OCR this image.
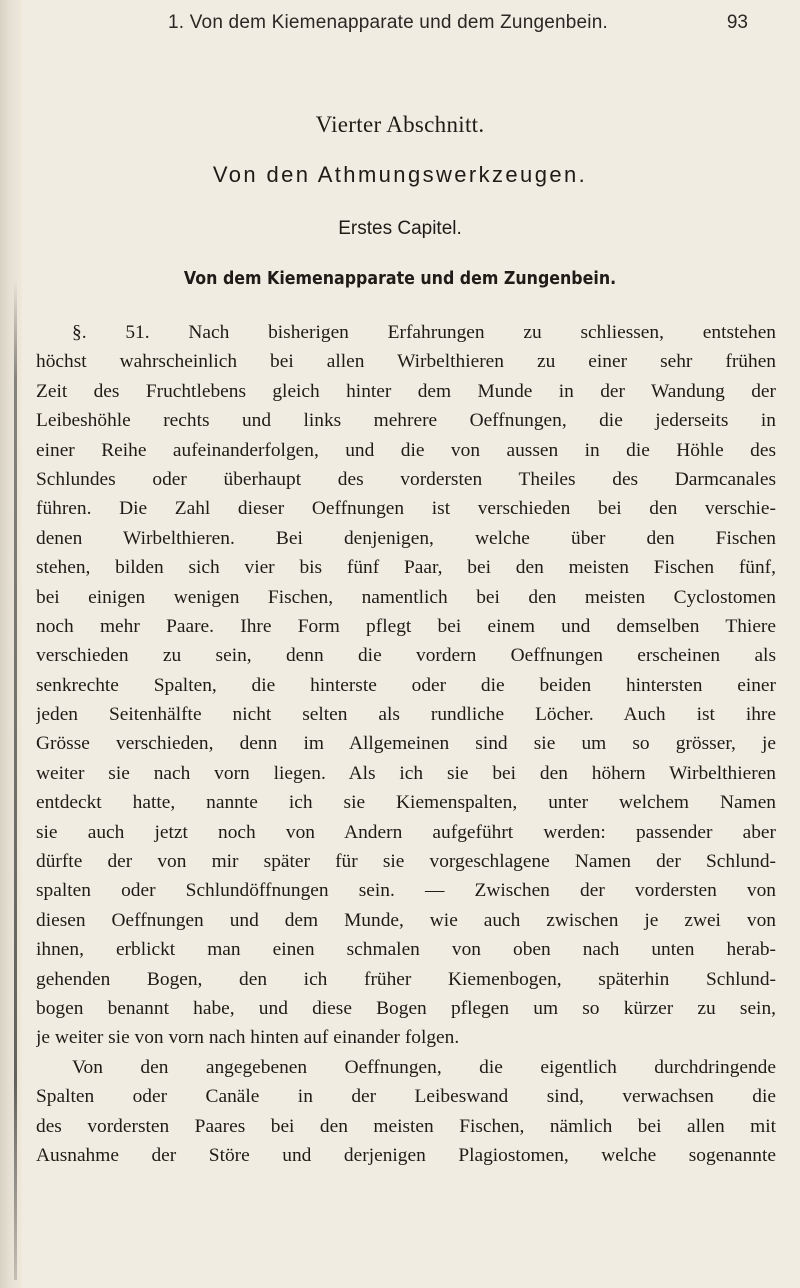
1. Von dem Kiemenapparate und dem Zungenbein.	93
Vierter Abschnitt.
Von den Athmungswerkzeugen.
Erstes Capitel.
Von dem Kiemenapparate und dem Zungenbein.
§. 51. Nach bisherigen Erfahrungen zu schliessen, entstehen
höchst wahrscheinlich bei allen Wirbelthieren zu einer sehr frühen
Zeit des Fruchtlebens gleich hinter dem Munde in der Wandung der
Leibeshöhle rechts und links mehrere Oeffnungen, die jederseits in
einer Reihe aufeinanderfolgen, und die von aussen in die Höhle des
Schlundes oder überhaupt des vordersten Theiles des Darmcanales
führen. Die Zahl dieser Oeffnungen ist verschieden bei den verschie-
denen Wirbelthieren. Bei denjenigen, welche über den Fischen
stehen, bilden sich vier bis fünf Paar, bei den meisten Fischen fünf,
bei einigen wenigen Fischen, namentlich bei den meisten Cyclostomen
noch mehr Paare. Ihre Form pflegt bei einem und demselben Thiere
verschieden zu sein, denn die vordern Oeffnungen erscheinen als
senkrechte Spalten, die hinterste oder die beiden hintersten einer
jeden Seitenhälfte nicht selten als rundliche Löcher. Auch ist ihre
Grösse verschieden, denn im Allgemeinen sind sie um so grösser, je
weiter sie nach vorn liegen. Als ich sie bei den höhern Wirbelthieren
entdeckt hatte, nannte ich sie Kiemenspalten, unter welchem Namen
sie auch jetzt noch von Andern aufgeführt werden: passender aber
dürfte der von mir später für sie vorgeschlagene Namen der Schlund-
spalten oder Schlundöffnungen sein. — Zwischen der vordersten von
diesen Oeffnungen und dem Munde, wie auch zwischen je zwei von
ihnen, erblickt man einen schmalen von oben nach unten herab-
gehenden Bogen, den ich früher Kiemenbogen, späterhin Schlund-
bogen benannt habe, und diese Bogen pflegen um so kürzer zu sein,
je weiter sie von vorn nach hinten auf einander folgen.
Von den angegebenen Oeffnungen, die eigentlich durchdringende
Spalten oder Canäle in der Leibeswand sind, verwachsen die
des vordersten Paares bei den meisten Fischen, nämlich bei allen mit
Ausnahme der Störe und derjenigen Plagiostomen, welche sogenannte
